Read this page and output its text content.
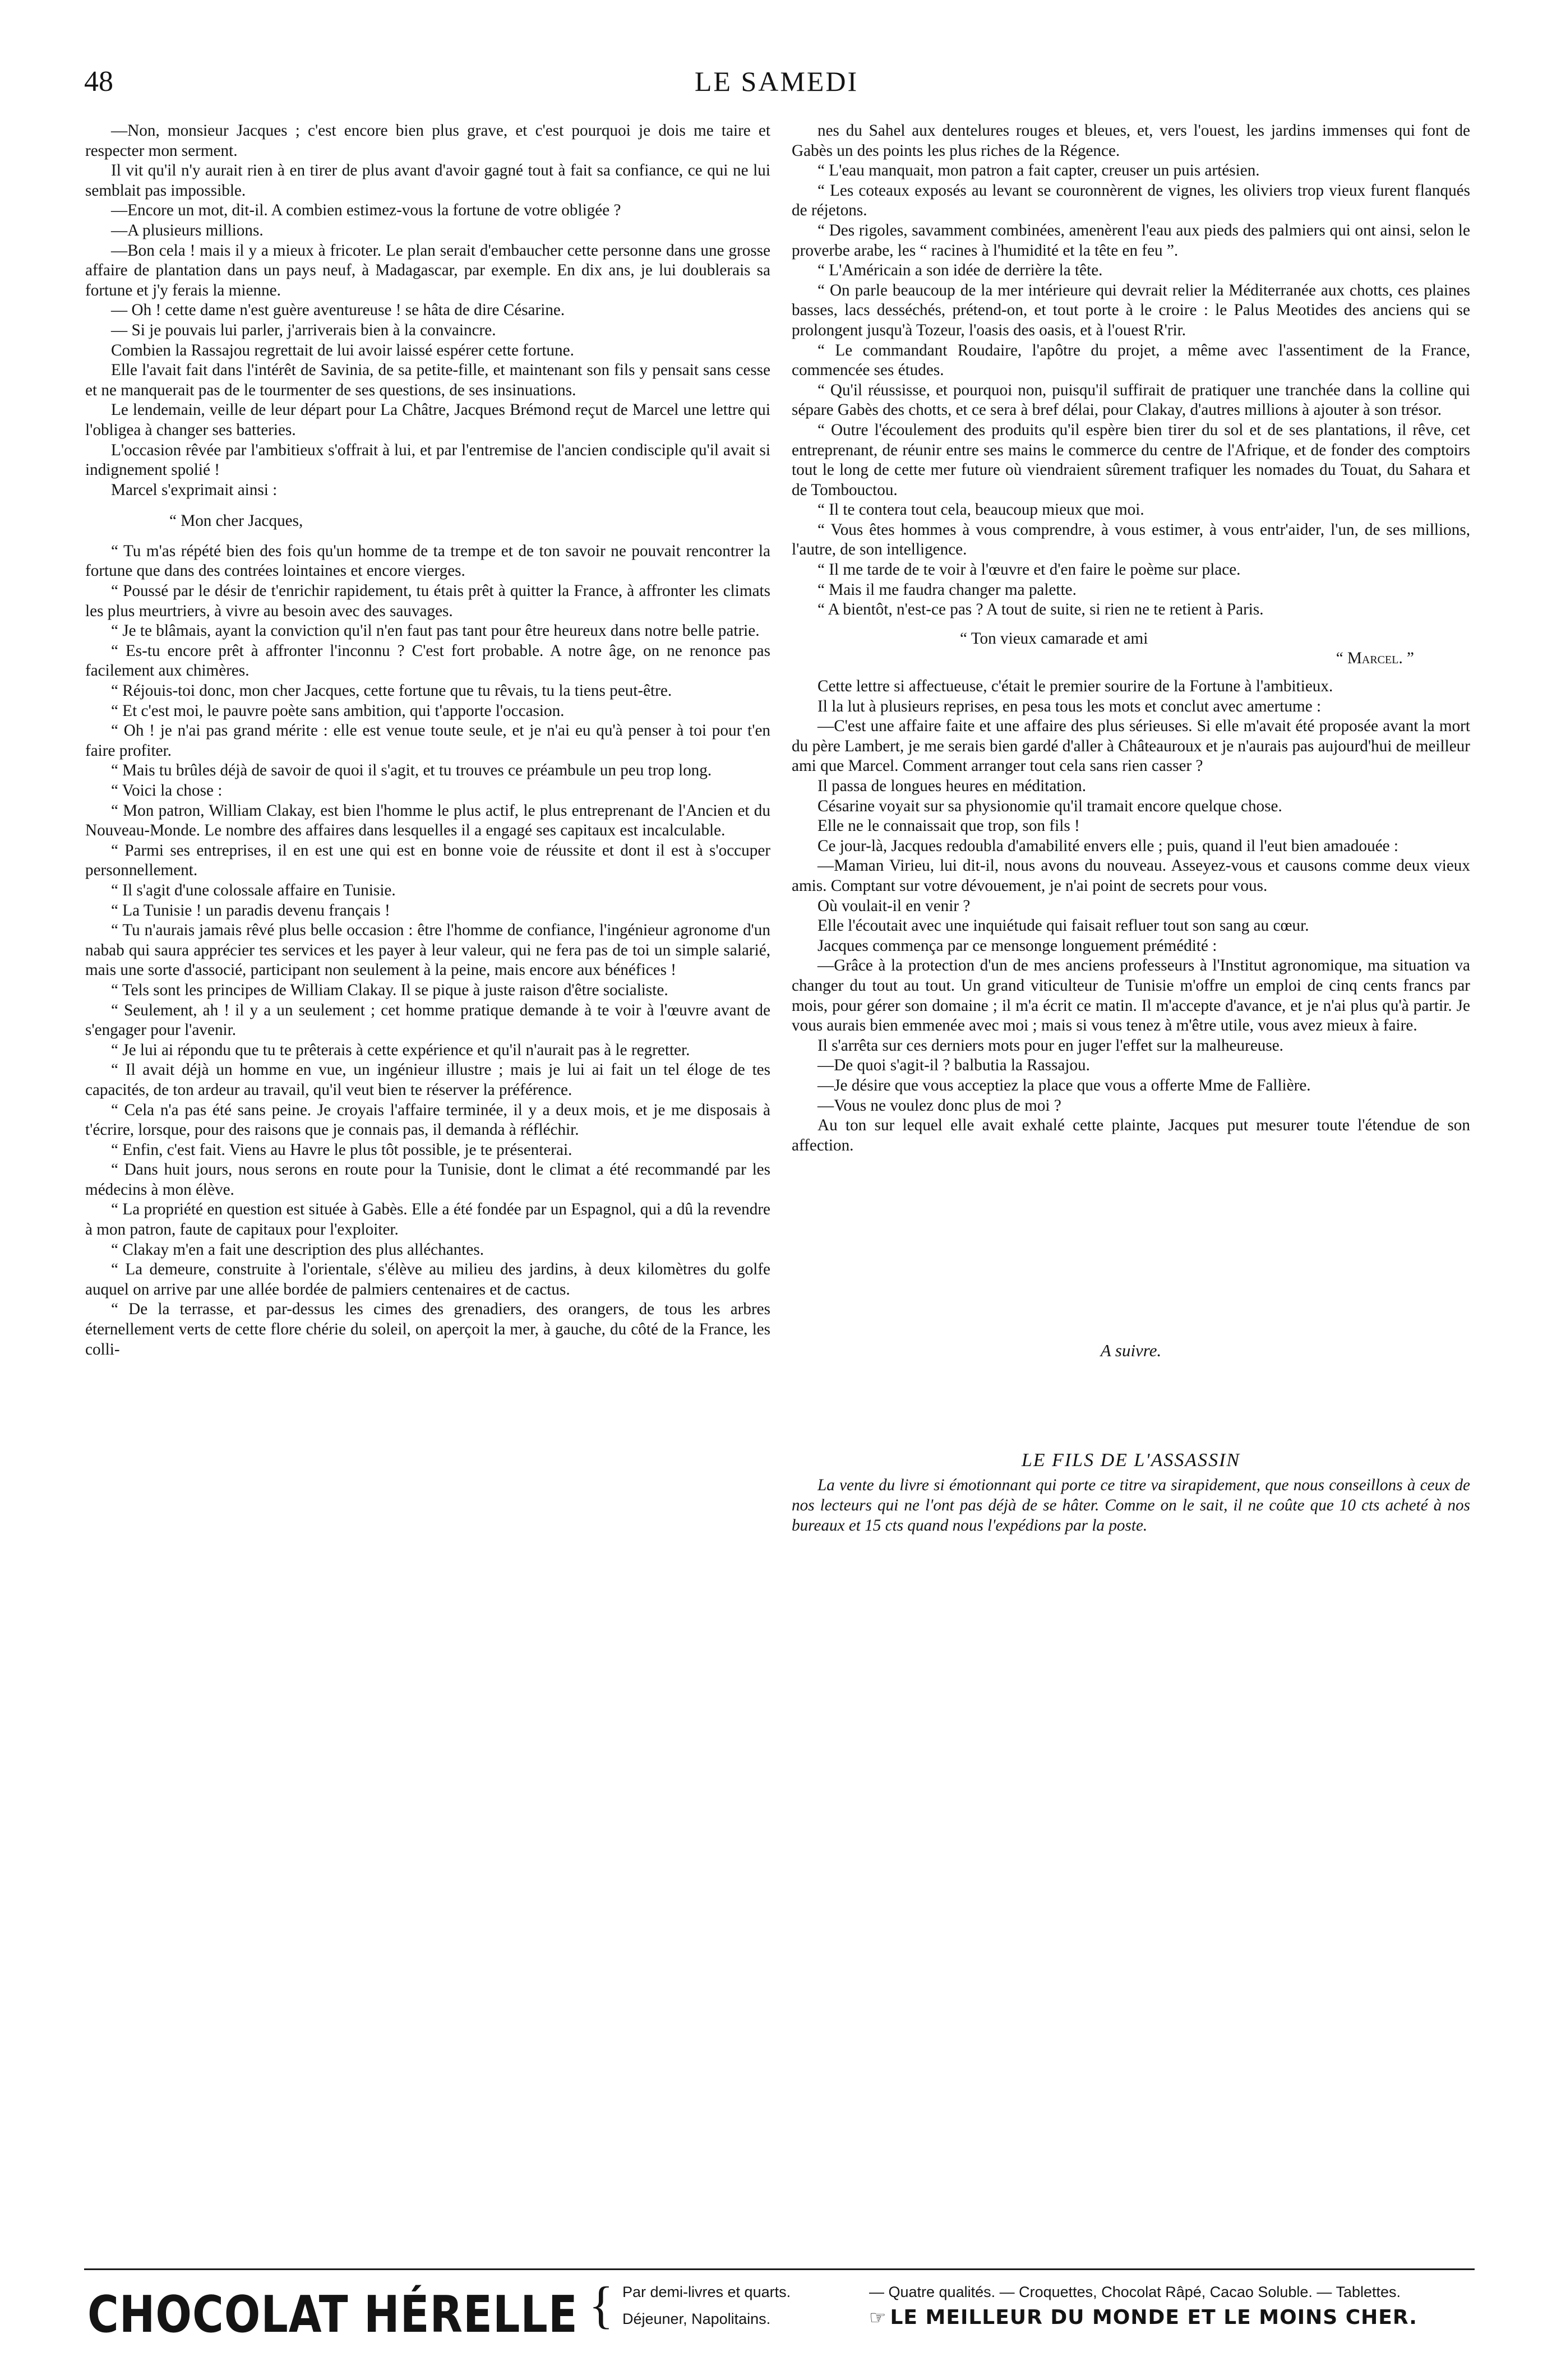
48	LE SAMEDI

—Non, monsieur Jacques ; c'est encore bien plus grave, et c'est pourquoi je dois me taire et respecter mon serment.

Il vit qu'il n'y aurait rien à en tirer de plus avant d'avoir gagné tout à fait sa confiance, ce qui ne lui semblait pas impossible.

—Encore un mot, dit-il. A combien estimez-vous la fortune de votre obligée ?

—A plusieurs millions.

—Bon cela ! mais il y a mieux à fricoter. Le plan serait d'embaucher cette personne dans une grosse affaire de plantation dans un pays neuf, à Madagascar, par exemple. En dix ans, je lui doublerais sa fortune et j'y ferais la mienne.

— Oh ! cette dame n'est guère aventureuse ! se hâta de dire Césarine.

— Si je pouvais lui parler, j'arriverais bien à la convaincre.

Combien la Rassajou regrettait de lui avoir laissé espérer cette fortune.

Elle l'avait fait dans l'intérêt de Savinia, de sa petite-fille, et maintenant son fils y pensait sans cesse et ne manquerait pas de le tourmenter de ses questions, de ses insinuations.

Le lendemain, veille de leur départ pour La Châtre, Jacques Brémond reçut de Marcel une lettre qui l'obligea à changer ses batteries.

L'occasion rêvée par l'ambitieux s'offrait à lui, et par l'entremise de l'ancien condisciple qu'il avait si indignement spolié !

Marcel s'exprimait ainsi :

“ Mon cher Jacques,

“ Tu m'as répété bien des fois qu'un homme de ta trempe et de ton savoir ne pouvait rencontrer la fortune que dans des contrées lointaines et encore vierges.

“ Poussé par le désir de t'enrichir rapidement, tu étais prêt à quitter la France, à affronter les climats les plus meurtriers, à vivre au besoin avec des sauvages.

“ Je te blâmais, ayant la conviction qu'il n'en faut pas tant pour être heureux dans notre belle patrie.

“ Es-tu encore prêt à affronter l'inconnu ? C'est fort probable. A notre âge, on ne renonce pas facilement aux chimères.

“ Réjouis-toi donc, mon cher Jacques, cette fortune que tu rêvais, tu la tiens peut-être.

“ Et c'est moi, le pauvre poète sans ambition, qui t'apporte l'occasion.

“ Oh ! je n'ai pas grand mérite : elle est venue toute seule, et je n'ai eu qu'à penser à toi pour t'en faire profiter.

“ Mais tu brûles déjà de savoir de quoi il s'agit, et tu trouves ce préambule un peu trop long.

“ Voici la chose :

“ Mon patron, William Clakay, est bien l'homme le plus actif, le plus entreprenant de l'Ancien et du Nouveau-Monde. Le nombre des affaires dans lesquelles il a engagé ses capitaux est incalculable.

“ Parmi ses entreprises, il en est une qui est en bonne voie de réussite et dont il est à s'occuper personnellement.

“ Il s'agit d'une colossale affaire en Tunisie.

“ La Tunisie ! un paradis devenu français !

“ Tu n'aurais jamais rêvé plus belle occasion : être l'homme de confiance, l'ingénieur agronome d'un nabab qui saura apprécier tes services et les payer à leur valeur, qui ne fera pas de toi un simple salarié, mais une sorte d'associé, participant non seulement à la peine, mais encore aux bénéfices !

“ Tels sont les principes de William Clakay. Il se pique à juste raison d'être socialiste.

“ Seulement, ah ! il y a un seulement ; cet homme pratique demande à te voir à l'œuvre avant de s'engager pour l'avenir.

“ Je lui ai répondu que tu te prêterais à cette expérience et qu'il n'aurait pas à le regretter.

“ Il avait déjà un homme en vue, un ingénieur illustre ; mais je lui ai fait un tel éloge de tes capacités, de ton ardeur au travail, qu'il veut bien te réserver la préférence.

“ Cela n'a pas été sans peine. Je croyais l'affaire terminée, il y a deux mois, et je me disposais à t'écrire, lorsque, pour des raisons que je connais pas, il demanda à réfléchir.

“ Enfin, c'est fait. Viens au Havre le plus tôt possible, je te présenterai.

“ Dans huit jours, nous serons en route pour la Tunisie, dont le climat a été recommandé par les médecins à mon élève.

“ La propriété en question est située à Gabès. Elle a été fondée par un Espagnol, qui a dû la revendre à mon patron, faute de capitaux pour l'exploiter.

“ Clakay m'en a fait une description des plus alléchantes.

“ La demeure, construite à l'orientale, s'élève au milieu des jardins, à deux kilomètres du golfe auquel on arrive par une allée bordée de palmiers centenaires et de cactus.

“ De la terrasse, et par-dessus les cimes des grenadiers, des orangers, de tous les arbres éternellement verts de cette flore chérie du soleil, on aperçoit la mer, à gauche, du côté de la France, les colli-

nes du Sahel aux dentelures rouges et bleues, et, vers l'ouest, les jardins immenses qui font de Gabès un des points les plus riches de la Régence.

“ L'eau manquait, mon patron a fait capter, creuser un puis artésien.

“ Les coteaux exposés au levant se couronnèrent de vignes, les oliviers trop vieux furent flanqués de réjetons.

“ Des rigoles, savamment combinées, amenèrent l'eau aux pieds des palmiers qui ont ainsi, selon le proverbe arabe, les “ racines à l'humidité et la tête en feu ”.

“ L'Américain a son idée de derrière la tête.

“ On parle beaucoup de la mer intérieure qui devrait relier la Méditerranée aux chotts, ces plaines basses, lacs desséchés, prétend-on, et tout porte à le croire : le Palus Meotides des anciens qui se prolongent jusqu'à Tozeur, l'oasis des oasis, et à l'ouest R'rir.

“ Le commandant Roudaire, l'apôtre du projet, a même avec l'assentiment de la France, commencée ses études.

“ Qu'il réussisse, et pourquoi non, puisqu'il suffirait de pratiquer une tranchée dans la colline qui sépare Gabès des chotts, et ce sera à bref délai, pour Clakay, d'autres millions à ajouter à son trésor.

“ Outre l'écoulement des produits qu'il espère bien tirer du sol et de ses plantations, il rêve, cet entreprenant, de réunir entre ses mains le commerce du centre de l'Afrique, et de fonder des comptoirs tout le long de cette mer future où viendraient sûrement trafiquer les nomades du Touat, du Sahara et de Tombouctou.

“ Il te contera tout cela, beaucoup mieux que moi.

“ Vous êtes hommes à vous comprendre, à vous estimer, à vous entr'aider, l'un, de ses millions, l'autre, de son intelligence.

“ Il me tarde de te voir à l'œuvre et d'en faire le poème sur place.

“ Mais il me faudra changer ma palette.

“ A bientôt, n'est-ce pas ? A tout de suite, si rien ne te retient à Paris.

“ Ton vieux camarade et ami

“ Marcel. ”

Cette lettre si affectueuse, c'était le premier sourire de la Fortune à l'ambitieux.

Il la lut à plusieurs reprises, en pesa tous les mots et conclut avec amertume :

—C'est une affaire faite et une affaire des plus sérieuses. Si elle m'avait été proposée avant la mort du père Lambert, je me serais bien gardé d'aller à Châteauroux et je n'aurais pas aujourd'hui de meilleur ami que Marcel. Comment arranger tout cela sans rien casser ?

Il passa de longues heures en méditation.

Césarine voyait sur sa physionomie qu'il tramait encore quelque chose.

Elle ne le connaissait que trop, son fils !

Ce jour-là, Jacques redoubla d'amabilité envers elle ; puis, quand il l'eut bien amadouée :

—Maman Virieu, lui dit-il, nous avons du nouveau. Asseyez-vous et causons comme deux vieux amis. Comptant sur votre dévouement, je n'ai point de secrets pour vous.

Où voulait-il en venir ?

Elle l'écoutait avec une inquiétude qui faisait refluer tout son sang au cœur.

Jacques commença par ce mensonge longuement prémédité :

—Grâce à la protection d'un de mes anciens professeurs à l'Institut agronomique, ma situation va changer du tout au tout. Un grand viticulteur de Tunisie m'offre un emploi de cinq cents francs par mois, pour gérer son domaine ; il m'a écrit ce matin. Il m'accepte d'avance, et je n'ai plus qu'à partir. Je vous aurais bien emmenée avec moi ; mais si vous tenez à m'être utile, vous avez mieux à faire.

Il s'arrêta sur ces derniers mots pour en juger l'effet sur la malheureuse.

—De quoi s'agit-il ? balbutia la Rassajou.

—Je désire que vous acceptiez la place que vous a offerte Mme de Fallière.

—Vous ne voulez donc plus de moi ?

Au ton sur lequel elle avait exhalé cette plainte, Jacques put mesurer toute l'étendue de son affection.

A suivre.

LE FILS DE L'ASSASSIN

La vente du livre si émotionnant qui porte ce titre va sirapidement, que nous conseillons à ceux de nos lecteurs qui ne l'ont pas déjà de se hâter. Comme on le sait, il ne coûte que 10 cts acheté à nos bureaux et 15 cts quand nous l'expédions par la poste.

CHOCOLAT HÉRELLE { Par demi-livres et quarts.
Déjeuner, Napolitains.
— Quatre qualités. — Croquettes, Chocolat Râpé, Cacao Soluble. — Tablettes.
☞ LE MEILLEUR DU MONDE ET LE MOINS CHER.
